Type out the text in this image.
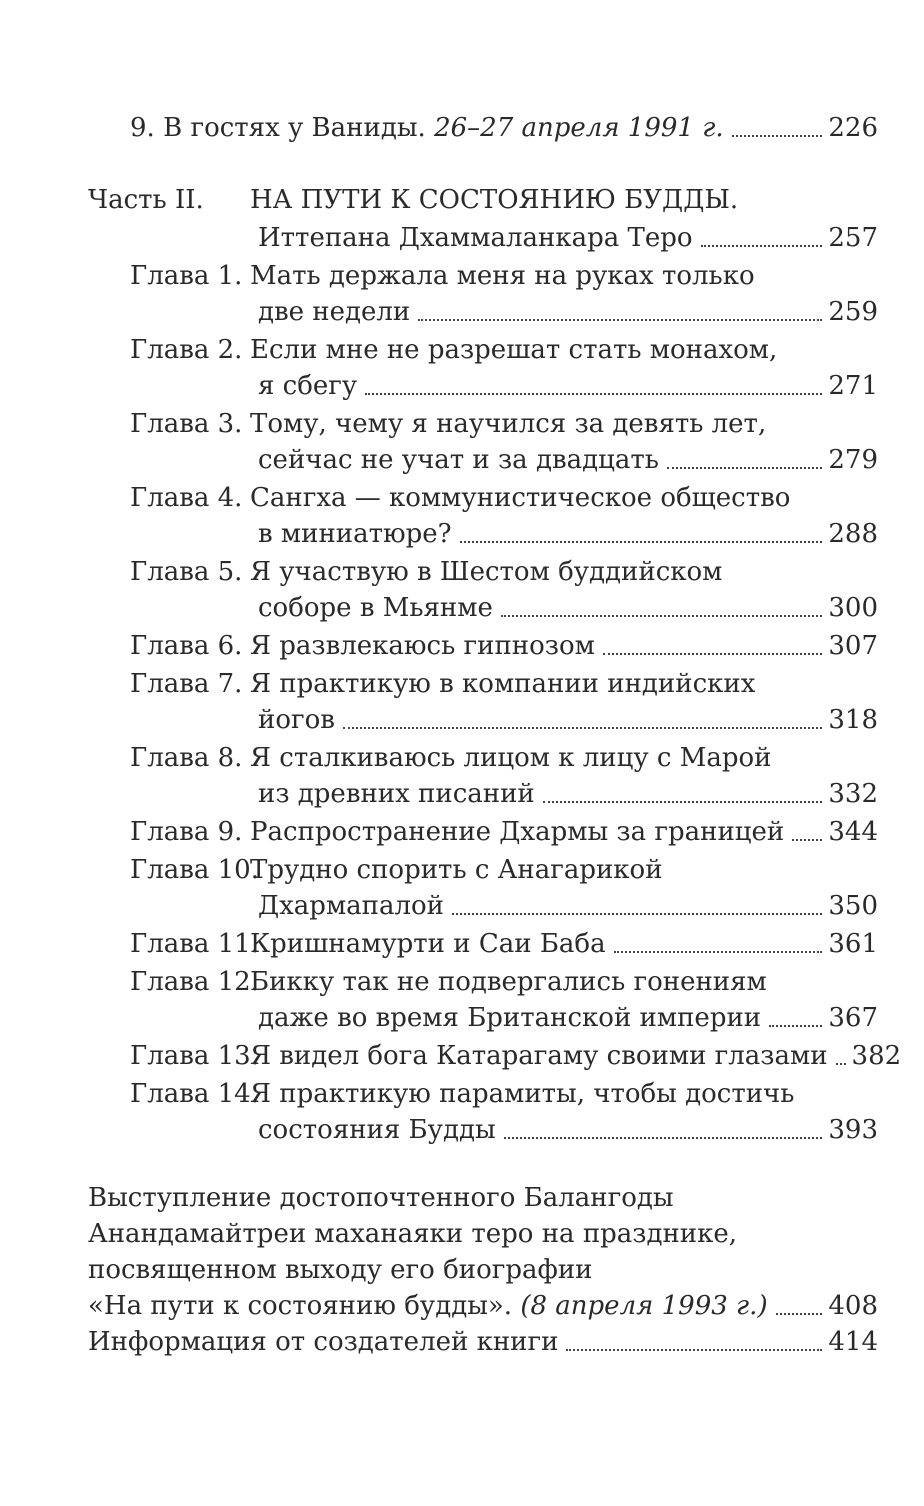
9. В гостях у Ваниды. 26–27 апреля 1991 г.	226
Часть II. НА ПУТИ К СОСТОЯНИЮ БУДДЫ.
Иттепана Дхаммаланкара Теро	257
Глава 1. Мать держала меня на руках только
две недели	259
Глава 2. Если мне не разрешат стать монахом,
я сбегу	271
Глава 3. Тому, чему я научился за девять лет,
сейчас не учат и за двадцать	279
Глава 4. Сангха — коммунистическое общество
в миниатюре?	288
Глава 5. Я участвую в Шестом буддийском
соборе в Мьянме	300
Глава 6. Я развлекаюсь гипнозом	307
Глава 7. Я практикую в компании индийских
йогов	318
Глава 8. Я сталкиваюсь лицом к лицу с Марой
из древних писаний	332
Глава 9. Распространение Дхармы за границей 344
Глава 10.
Трудно спорить с Анагарикой
Дхармапалой	350
Глава 11.
Кришнамурти и Саи Баба	361
Глава 12.
Бикку так не подвергались гонениям
даже во время Британской империи	367
Глава 13.
Я видел бога Катарагаму своими глазами 382
Глава 14.
Я практикую парамиты, чтобы достичь
состояния Будды	393
Выступление достопочтенного Балангоды
Анандамайтреи маханаяки теро на празднике,
посвященном выходу его биографии
«На пути к состоянию будды». (8 апреля 1993 г.) 408
Информация от создателей книги	414
